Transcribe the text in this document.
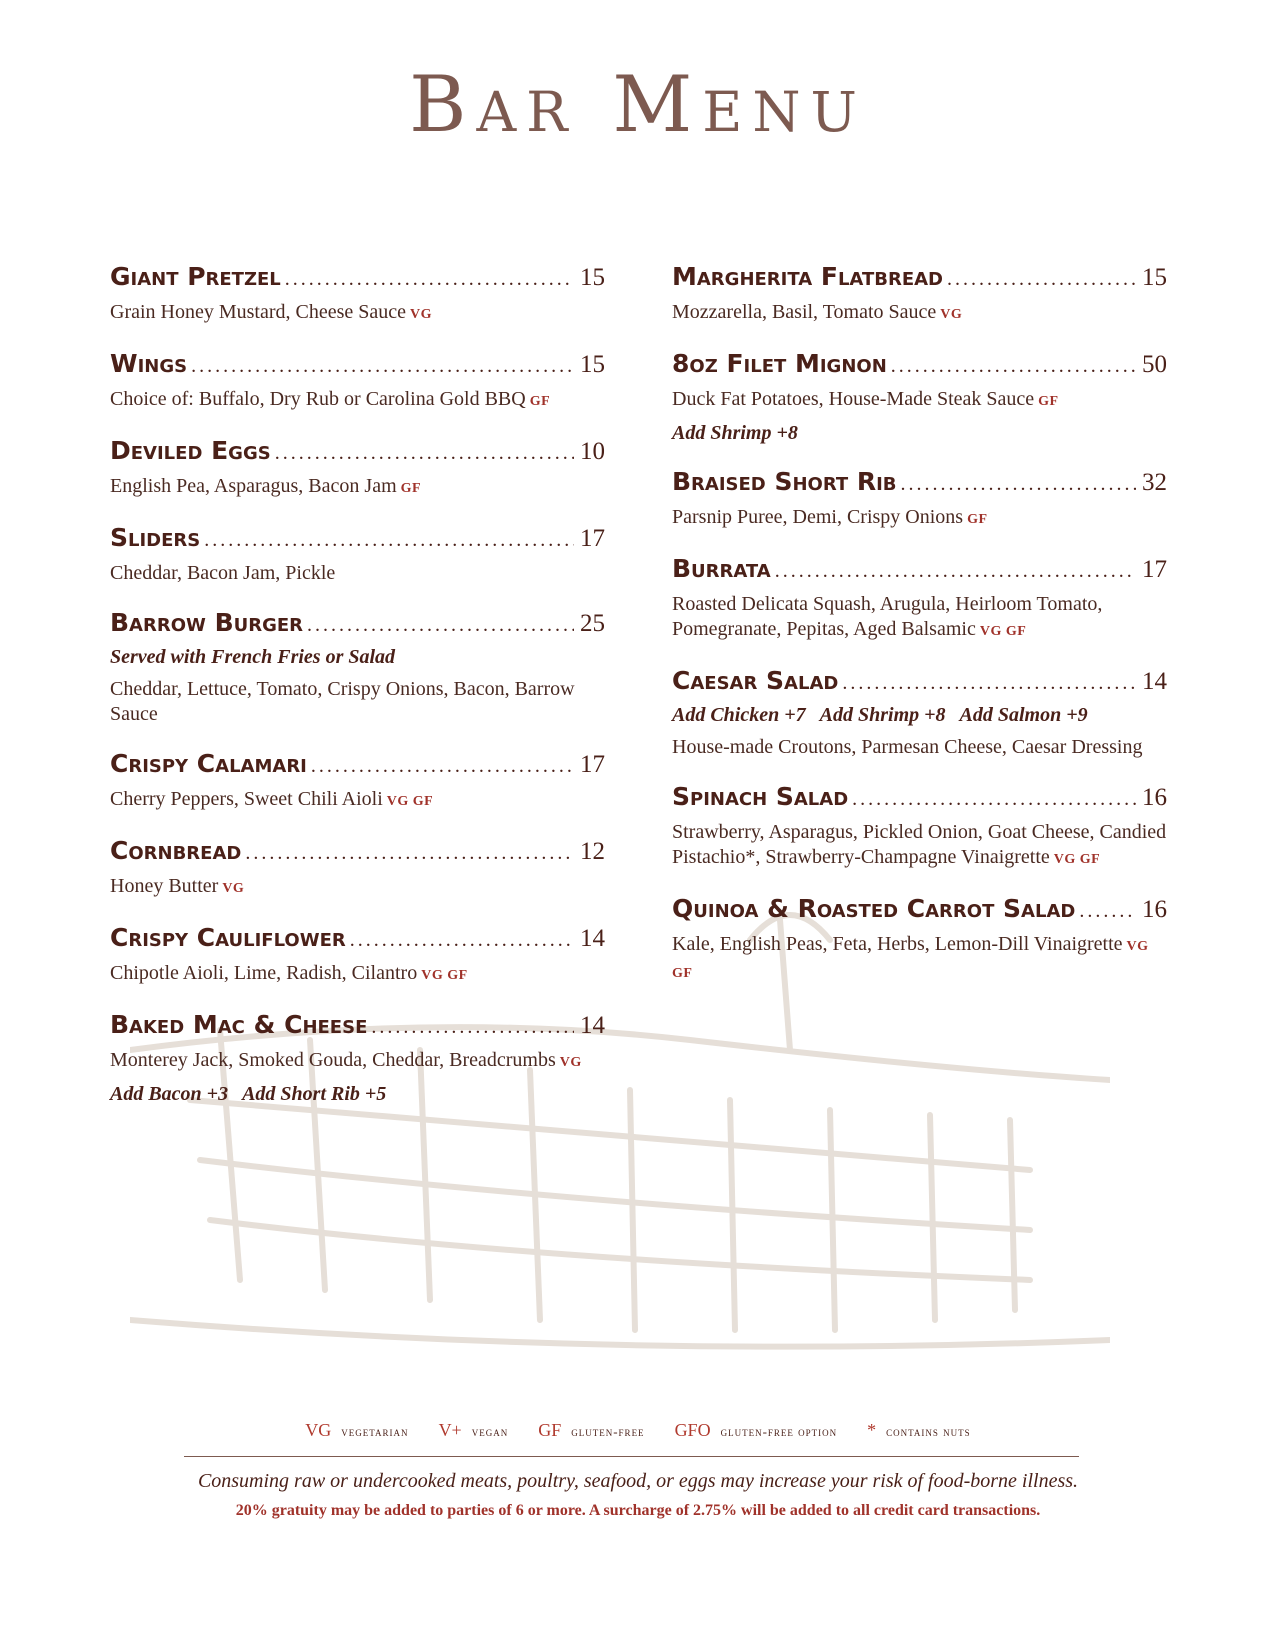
Bar Menu
Giant Pretzel .....	15
Grain Honey Mustard, Cheese Sauce VG
Wings .....	15
Choice of: Buffalo, Dry Rub or Carolina Gold BBQ GF
Deviled Eggs .....	10
English Pea, Asparagus, Bacon Jam GF
Sliders .....	17
Cheddar, Bacon Jam, Pickle
Barrow Burger .....	25
Served with French Fries or Salad
Cheddar, Lettuce, Tomato, Crispy Onions, Bacon, Barrow Sauce
Crispy Calamari .....	17
Cherry Peppers, Sweet Chili Aioli VG GF
Cornbread .....	12
Honey Butter VG
Crispy Cauliflower .....	14
Chipotle Aioli, Lime, Radish, Cilantro VG GF
Baked Mac & Cheese .....	14
Monterey Jack, Smoked Gouda, Cheddar, Breadcrumbs VG
Add Bacon +3 Add Short Rib +5
Margherita Flatbread .....	15
Mozzarella, Basil, Tomato Sauce VG
8oz Filet Mignon .....	50
Duck Fat Potatoes, House-Made Steak Sauce GF
Add Shrimp +8
Braised Short Rib .....	32
Parsnip Puree, Demi, Crispy Onions GF
Burrata .....	17
Roasted Delicata Squash, Arugula, Heirloom Tomato, Pomegranate, Pepitas, Aged Balsamic VG GF
Caesar Salad .....	14
Add Chicken +7 Add Shrimp +8 Add Salmon +9
House-made Croutons, Parmesan Cheese, Caesar Dressing
Spinach Salad .....	16
Strawberry, Asparagus, Pickled Onion, Goat Cheese, Candied Pistachio*, Strawberry-Champagne Vinaigrette VG GF
Quinoa & Roasted Carrot Salad .....	16
Kale, English Peas, Feta, Herbs, Lemon-Dill Vinaigrette VG GF
VG vegetarian V+ vegan GF gluten-free GFO gluten-free option * contains nuts
Consuming raw or undercooked meats, poultry, seafood, or eggs may increase your risk of food-borne illness.
20% gratuity may be added to parties of 6 or more. A surcharge of 2.75% will be added to all credit card transactions.
